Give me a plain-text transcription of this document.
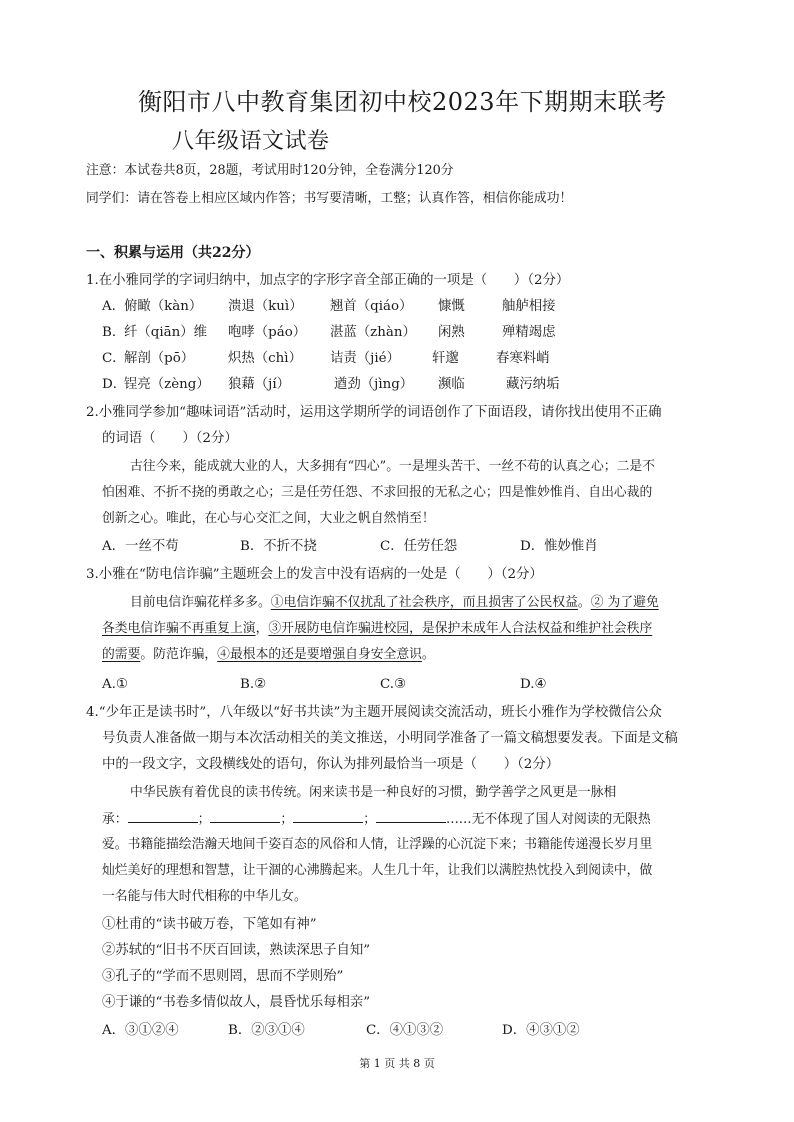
衡阳市八中教育集团初中校2023年下期期末联考
八年级语文试卷
注意：本试卷共8页，28题，考试用时120分钟，全卷满分120分
同学们：请在答卷上相应区域内作答；书写要清晰，工整；认真作答，相信你能成功！
一、积累与运用（共22分）
1.在小雅同学的字词归纳中，加点字的字形字音全部正确的一项是（　　）（2分）
A．
俯瞰（kàn） 溃退（kuì） 翘首（qiáo） 慷慨	舳舻相接
B．
纤（qiān）维 咆哮（páo） 湛蓝（zhàn） 闲熟	殚精竭虑
C．
解剖（pō）	炽热（chì） 诘责（jié） 轩邈	春寒料峭
D．
锃亮（zèng） 狼藉（jí）	遒劲（jìng） 濒临	藏污纳垢
2.小雅同学参加“趣味词语”活动时，运用这学期所学的词语创作了下面语段，请你找出使用不正确
的词语（　　）（2分）
古往今来，能成就大业的人，大多拥有“四心”。一是埋头苦干、一丝不苟的认真之心；二是不
怕困难、不折不挠的勇敢之心；三是任劳任怨、不求回报的无私之心；四是惟妙惟肖、自出心裁的
创新之心。唯此，在心与心交汇之间，大业之帆自然悄至！
A．一丝不苟	B．不折不挠	C．任劳任怨	D．惟妙惟肖
3.小雅在“防电信诈骗”主题班会上的发言中没有语病的一处是（　　）（2分）
目前电信诈骗花样多多。①电信诈骗不仅扰乱了社会秩序，而且损害了公民权益。② 为了避免
各类电信诈骗不再重复上演，③开展防电信诈骗进校园，是保护未成年人合法权益和维护社会秩序
的需要。防范诈骗，④最根本的还是要增强自身安全意识。
A.①	B.②	C.③	D.④
4.“少年正是读书时”，八年级以“好书共读”为主题开展阅读交流活动，班长小雅作为学校微信公众
号负责人准备做一期与本次活动相关的美文推送，小明同学准备了一篇文稿想要发表。下面是文稿
中的一段文字，文段横线处的语句，你认为排列最恰当一项是（　　）（2分）
中华民族有着优良的读书传统。闲来读书是一种良好的习惯，勤学善学之风更是一脉相
承：	；	；	；	……无不体现了国人对阅读的无限热
爱。书籍能描绘浩瀚天地间千姿百态的风俗和人情，让浮躁的心沉淀下来；书籍能传递漫长岁月里
灿烂美好的理想和智慧，让干涸的心沸腾起来。人生几十年，让我们以满腔热忱投入到阅读中，做
一名能与伟大时代相称的中华儿女。
①杜甫的“读书破万卷，下笔如有神”
②苏轼的“旧书不厌百回读，熟读深思子自知”
③孔子的“学而不思则罔，思而不学则殆”
④于谦的“书卷多情似故人，晨昏忧乐每相亲”
A．③①②④	B．②③①④	C．④①③②	D．④③①②
第 1 页 共 8 页
